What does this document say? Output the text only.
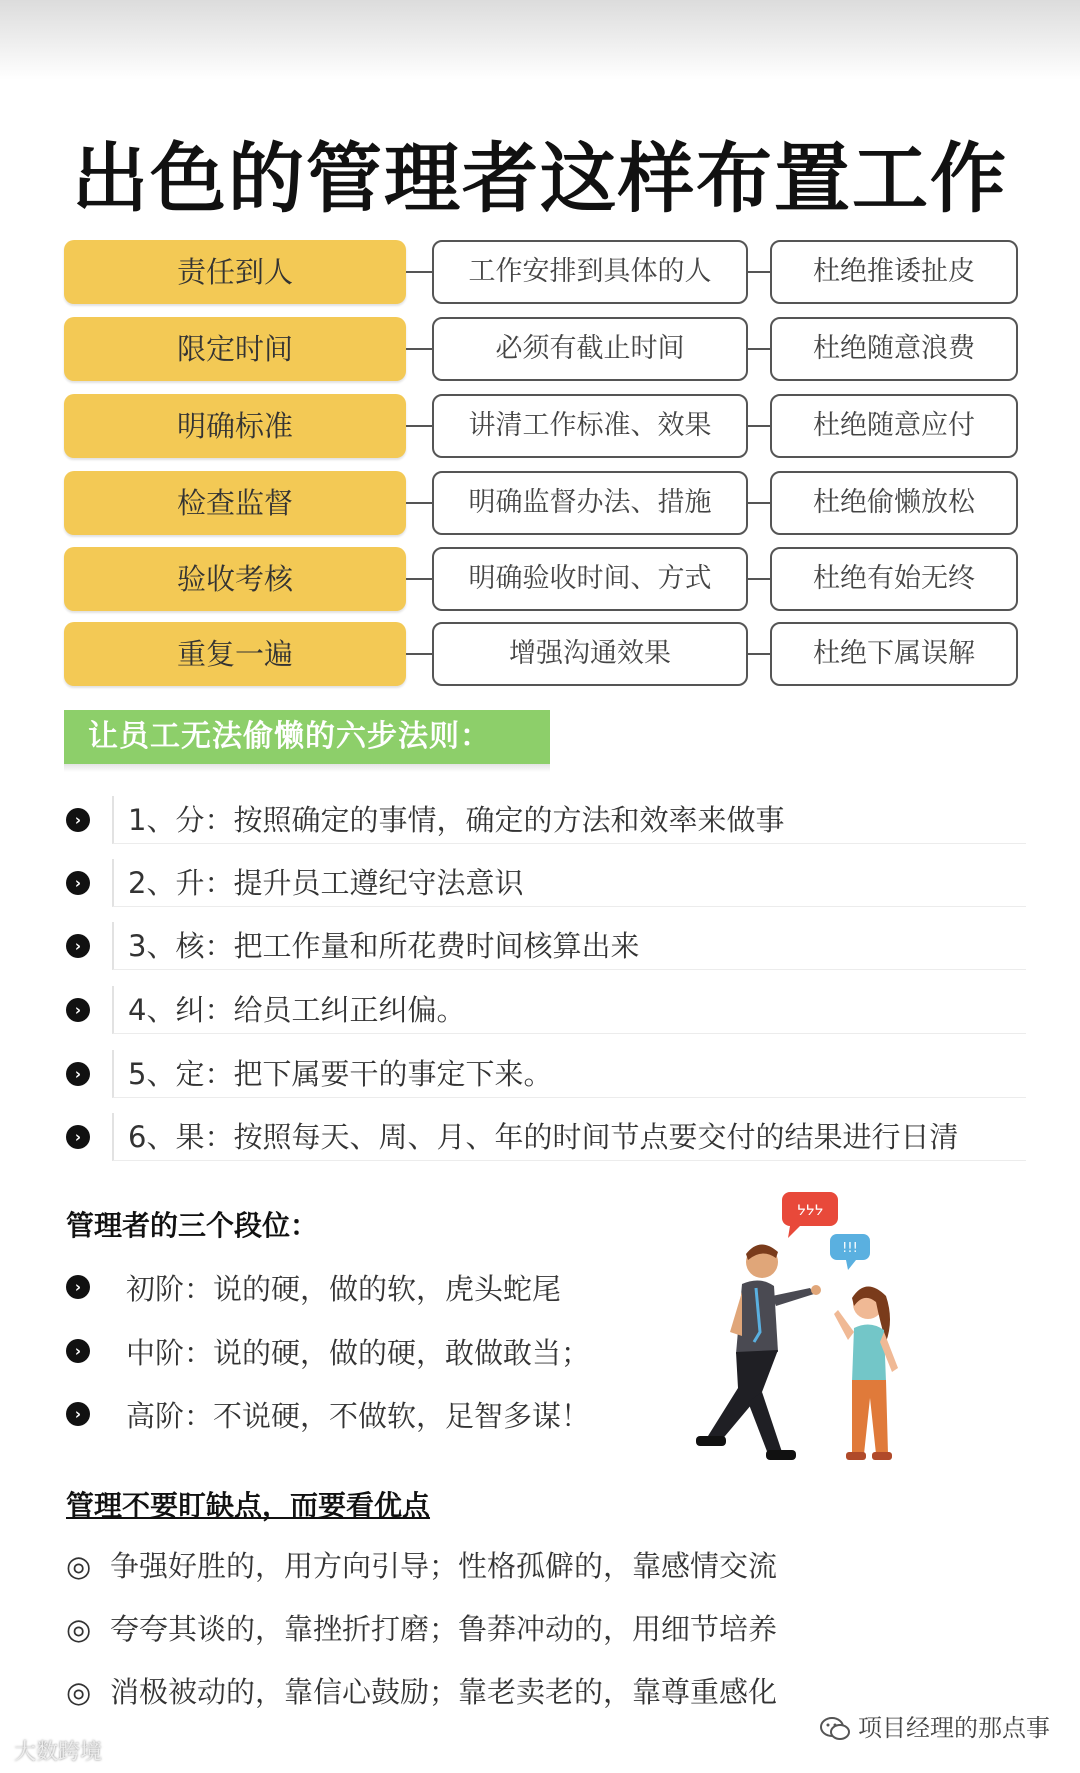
出色的管理者这样布置工作
责任到人	工作安排到具体的人	杜绝推诿扯皮
限定时间	必须有截止时间	杜绝随意浪费
明确标准	讲清工作标准、效果	杜绝随意应付
检查监督	明确监督办法、措施	杜绝偷懒放松
验收考核	明确验收时间、方式	杜绝有始无终
重复一遍	增强沟通效果	杜绝下属误解
让员工无法偷懒的六步法则：
›	1、分：按照确定的事情，确定的方法和效率来做事
›	2、升：提升员工遵纪守法意识
›	3、核：把工作量和所花费时间核算出来
›	4、纠：给员工纠正纠偏。
›	5、定：把下属要干的事定下来。
›	6、果：按照每天、周、月、年的时间节点要交付的结果进行日清
管理者的三个段位：
›	初阶：说的硬，做的软，虎头蛇尾
›	中阶：说的硬，做的硬，敢做敢当；
›	高阶：不说硬，不做软，足智多谋！
ᔭᔭᔭ
!!!
管理不要盯缺点，而要看优点
◎ 争强好胜的，用方向引导；性格孤僻的，靠感情交流
◎ 夸夸其谈的，靠挫折打磨；鲁莽冲动的，用细节培养
◎ 消极被动的，靠信心鼓励；靠老卖老的，靠尊重感化
大数跨境
项目经理的那点事
